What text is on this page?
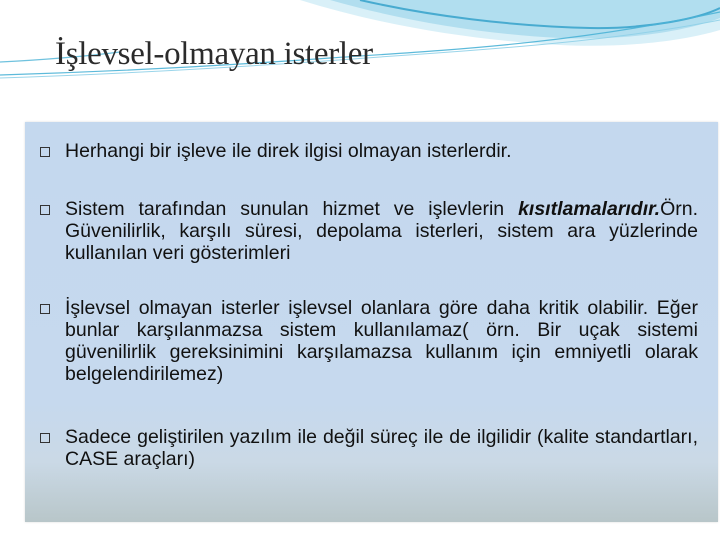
İşlevsel-olmayan isterler
Herhangi bir işleve ile direk ilgisi olmayan isterlerdir.
Sistem tarafından sunulan hizmet ve işlevlerin kısıtlamalarıdır.Örn. Güvenilirlik, karşılı süresi, depolama isterleri, sistem ara yüzlerinde kullanılan veri gösterimleri
İşlevsel olmayan isterler işlevsel olanlara göre daha kritik olabilir. Eğer bunlar karşılanmazsa sistem kullanılamaz( örn. Bir uçak sistemi güvenilirlik gereksinimini karşılamazsa kullanım için emniyetli olarak belgelendirilemez)
Sadece geliştirilen yazılım ile değil süreç ile de ilgilidir (kalite standartları, CASE araçları)
